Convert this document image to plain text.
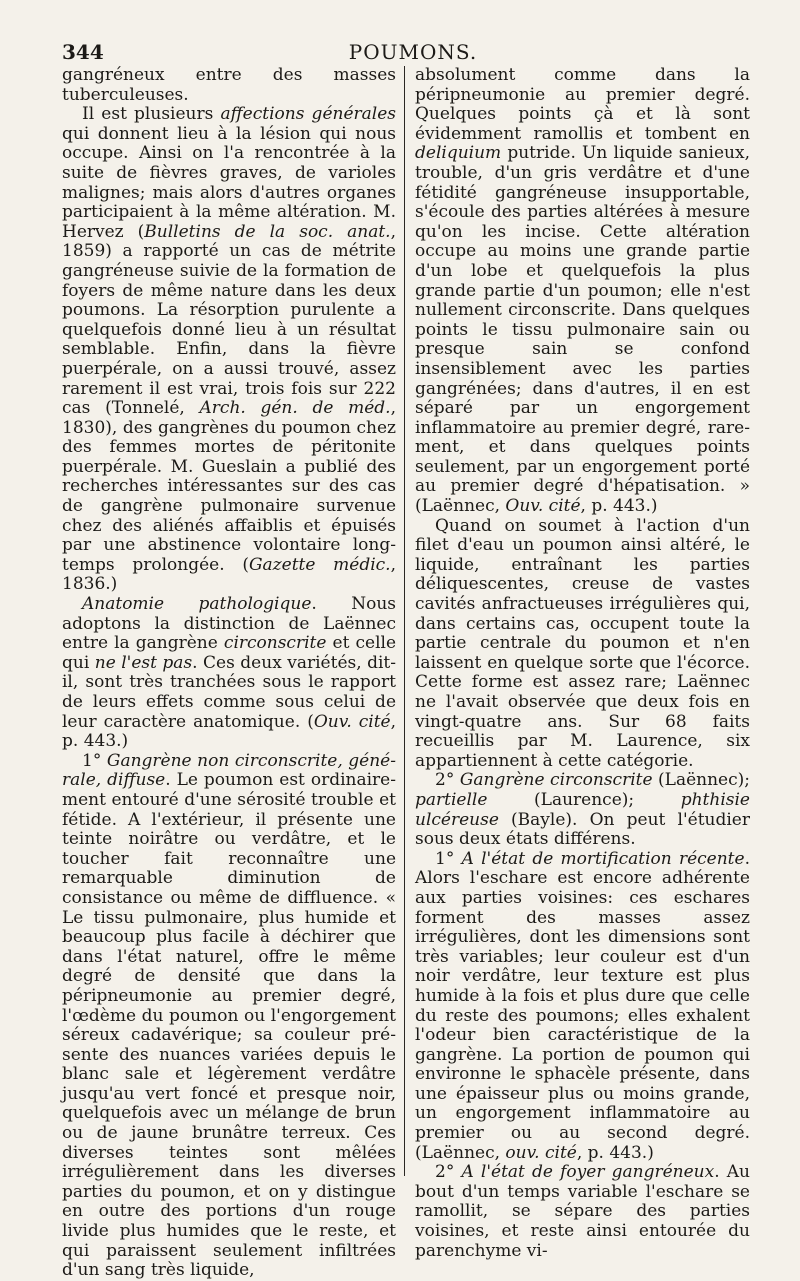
344	POUMONS.

gangréneux entre des masses tuberculeuses.

Il est plusieurs affections générales qui donnent lieu à la lésion qui nous occupe. Ainsi on l'a rencontrée à la suite de fièvres graves, de varioles malignes; mais alors d'autres organes participaient à la même altération. M. Hervez (Bulletins de la soc. anat., 1859) a rapporté un cas de métrite gangréneuse suivie de la formation de foyers de même nature dans les deux poumons. La résorption purulente a quelquefois donné lieu à un résultat semblable. Enfin, dans la fièvre puerpérale, on a aussi trouvé, assez rarement il est vrai, trois fois sur 222 cas (Tonnelé, Arch. gén. de méd., 1830), des gangrènes du poumon chez des femmes mortes de péritonite puerpérale. M. Gueslain a publié des recherches intéressantes sur des cas de gangrène pulmonaire survenue chez des aliénés affaiblis et épuisés par une abstinence volontaire long-temps prolongée. (Gazette médic., 1836.)

Anatomie pathologique. Nous adoptons la distinction de Laënnec entre la gangrène circonscrite et celle qui ne l'est pas. Ces deux variétés, dit-il, sont très tranchées sous le rapport de leurs effets comme sous celui de leur caractère anatomique. (Ouv. cité, p. 443.)

1° Gangrène non circonscrite, générale, diffuse. Le poumon est ordinairement entouré d'une sérosité trouble et fétide. A l'extérieur, il présente une teinte noirâtre ou verdâtre, et le toucher fait reconnaître une remarquable diminution de consistance ou même de diffluence. « Le tissu pulmonaire, plus humide et beaucoup plus facile à déchirer que dans l'état naturel, offre le même degré de densité que dans la péripneumonie au premier degré, l'œdème du poumon ou l'engorgement séreux cadavérique; sa couleur présente des nuances variées depuis le blanc sale et légèrement verdâtre jusqu'au vert foncé et presque noir, quelquefois avec un mélange de brun ou de jaune brunâtre terreux. Ces diverses teintes sont mêlées irrégulièrement dans les diverses parties du poumon, et on y distingue en outre des portions d'un rouge livide plus humides que le reste, et qui paraissent seulement infiltrées d'un sang très liquide,

absolument comme dans la péripneumonie au premier degré. Quelques points çà et là sont évidemment ramollis et tombent en deliquium putride. Un liquide sanieux, trouble, d'un gris verdâtre et d'une fétidité gangréneuse insupportable, s'écoule des parties altérées à mesure qu'on les incise. Cette altération occupe au moins une grande partie d'un lobe et quelquefois la plus grande partie d'un poumon; elle n'est nullement circonscrite. Dans quelques points le tissu pulmonaire sain ou presque sain se confond insensiblement avec les parties gangrénées; dans d'autres, il en est séparé par un engorgement inflammatoire au premier degré, rarement, et dans quelques points seulement, par un engorgement porté au premier degré d'hépatisation. » (Laënnec, Ouv. cité, p. 443.)

Quand on soumet à l'action d'un filet d'eau un poumon ainsi altéré, le liquide, entraînant les parties déliquescentes, creuse de vastes cavités anfractueuses irrégulières qui, dans certains cas, occupent toute la partie centrale du poumon et n'en laissent en quelque sorte que l'écorce. Cette forme est assez rare; Laënnec ne l'avait observée que deux fois en vingt-quatre ans. Sur 68 faits recueillis par M. Laurence, six appartiennent à cette catégorie.

2° Gangrène circonscrite (Laënnec); partielle (Laurence); phthisie ulcéreuse (Bayle). On peut l'étudier sous deux états différens.

1° A l'état de mortification récente. Alors l'eschare est encore adhérente aux parties voisines: ces eschares forment des masses assez irrégulières, dont les dimensions sont très variables; leur couleur est d'un noir verdâtre, leur texture est plus humide à la fois et plus dure que celle du reste des poumons; elles exhalent l'odeur bien caractéristique de la gangrène. La portion de poumon qui environne le sphacèle présente, dans une épaisseur plus ou moins grande, un engorgement inflammatoire au premier ou au second degré. (Laënnec, ouv. cité, p. 443.)

2° A l'état de foyer gangréneux. Au bout d'un temps variable l'eschare se ramollit, se sépare des parties voisines, et reste ainsi entourée du parenchyme vi-
